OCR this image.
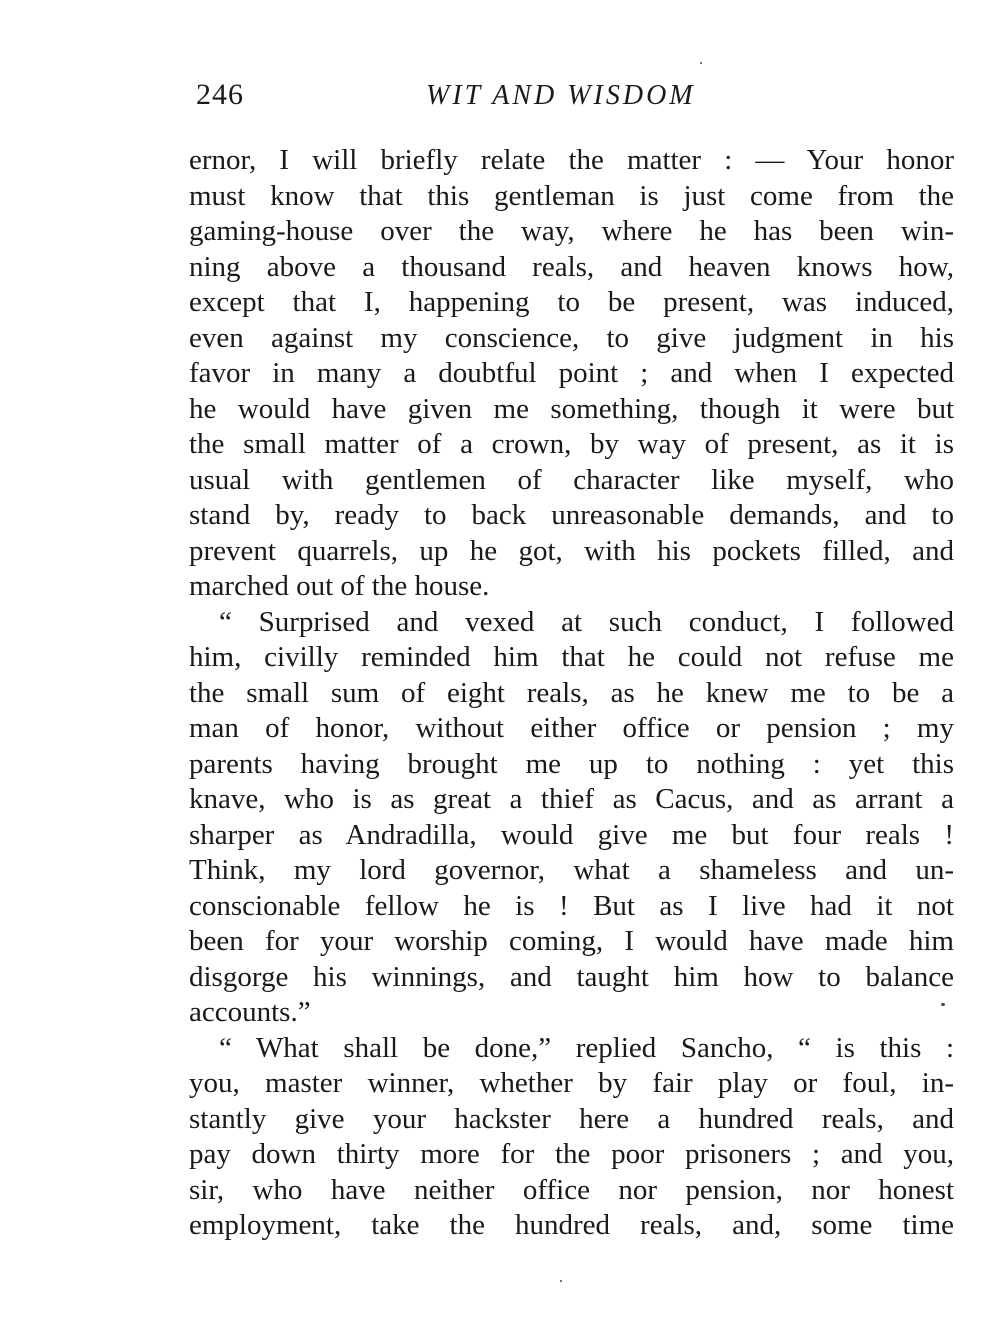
246	WIT AND WISDOM
ernor, I will briefly relate the matter : — Your honor
must know that this gentleman is just come from the
gaming-house over the way, where he has been win-
ning above a thousand reals, and heaven knows how,
except that I, happening to be present, was induced,
even against my conscience, to give judgment in his
favor in many a doubtful point ; and when I expected
he would have given me something, though it were but
the small matter of a crown, by way of present, as it is
usual with gentlemen of character like myself, who
stand by, ready to back unreasonable demands, and to
prevent quarrels, up he got, with his pockets filled, and
marched out of the house.
“ Surprised and vexed at such conduct, I followed
him, civilly reminded him that he could not refuse me
the small sum of eight reals, as he knew me to be a
man of honor, without either office or pension ; my
parents having brought me up to nothing : yet this
knave, who is as great a thief as Cacus, and as arrant a
sharper as Andradilla, would give me but four reals !
Think, my lord governor, what a shameless and un-
conscionable fellow he is ! But as I live had it not
been for your worship coming, I would have made him
disgorge his winnings, and taught him how to balance
accounts.”
“ What shall be done,” replied Sancho, “ is this :
you, master winner, whether by fair play or foul, in-
stantly give your hackster here a hundred reals, and
pay down thirty more for the poor prisoners ; and you,
sir, who have neither office nor pension, nor honest
employment, take the hundred reals, and, some time
